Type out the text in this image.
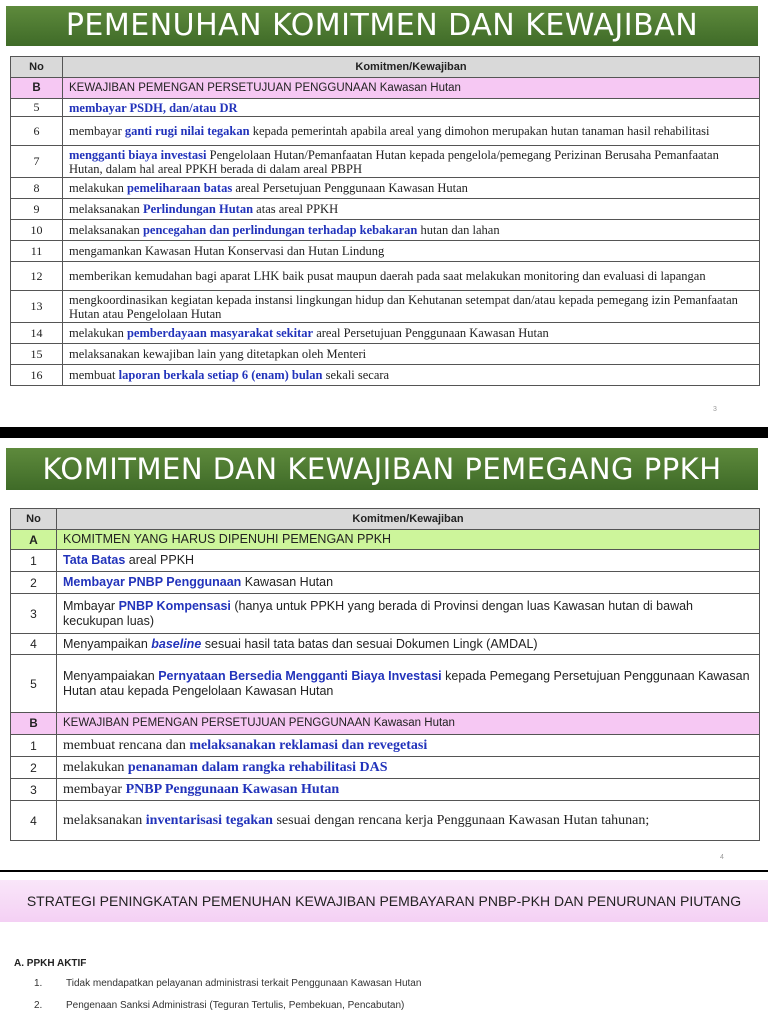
PEMENUHAN KOMITMEN DAN KEWAJIBAN
No	Komitmen/Kewajiban
B	KEWAJIBAN PEMENGAN PERSETUJUAN PENGGUNAAN Kawasan Hutan
5	membayar PSDH, dan/atau DR
6	membayar ganti rugi nilai tegakan kepada pemerintah apabila areal yang dimohon merupakan hutan tanaman hasil rehabilitasi
7	mengganti biaya investasi Pengelolaan Hutan/Pemanfaatan Hutan kepada pengelola/pemegang Perizinan Berusaha Pemanfaatan Hutan, dalam hal areal PPKH berada di dalam areal PBPH
8	melakukan pemeliharaan batas areal Persetujuan Penggunaan Kawasan Hutan
9	melaksanakan Perlindungan Hutan atas areal PPKH
10	melaksanakan pencegahan dan perlindungan terhadap kebakaran hutan dan lahan
11	mengamankan Kawasan Hutan Konservasi dan Hutan Lindung
12	memberikan kemudahan bagi aparat LHK baik pusat maupun daerah pada saat melakukan monitoring dan evaluasi di lapangan
13	mengkoordinasikan kegiatan kepada instansi lingkungan hidup dan Kehutanan setempat dan/atau kepada pemegang izin Pemanfaatan Hutan atau Pengelolaan Hutan
14	melakukan pemberdayaan masyarakat sekitar areal Persetujuan Penggunaan Kawasan Hutan
15	melaksanakan kewajiban lain yang ditetapkan oleh Menteri
16	membuat laporan berkala setiap 6 (enam) bulan sekali secara
3
KOMITMEN DAN KEWAJIBAN PEMEGANG PPKH
No	Komitmen/Kewajiban
A	KOMITMEN YANG HARUS DIPENUHI PEMENGAN PPKH
1	Tata Batas areal PPKH
2	Membayar PNBP Penggunaan Kawasan Hutan
3	Mmbayar PNBP Kompensasi (hanya untuk PPKH yang berada di Provinsi dengan luas Kawasan hutan di bawah kecukupan luas)
4	Menyampaikan baseline sesuai hasil tata batas dan sesuai Dokumen Lingk (AMDAL)
5	Menyampaiakan Pernyataan Bersedia Mengganti Biaya Investasi kepada Pemegang Persetujuan Penggunaan Kawasan Hutan atau kepada Pengelolaan Kawasan Hutan
B	KEWAJIBAN PEMENGAN PERSETUJUAN PENGGUNAAN Kawasan Hutan
1	membuat rencana dan melaksanakan reklamasi dan revegetasi
2	melakukan penanaman dalam rangka rehabilitasi DAS
3	membayar PNBP Penggunaan Kawasan Hutan
4	melaksanakan inventarisasi tegakan sesuai dengan rencana kerja Penggunaan Kawasan Hutan tahunan;
4
STRATEGI PENINGKATAN PEMENUHAN KEWAJIBAN PEMBAYARAN PNBP-PKH DAN PENURUNAN PIUTANG
A. PPKH AKTIF
1. Tidak mendapatkan pelayanan administrasi terkait Penggunaan Kawasan Hutan
2. Pengenaan Sanksi Administrasi (Teguran Tertulis, Pembekuan, Pencabutan)
